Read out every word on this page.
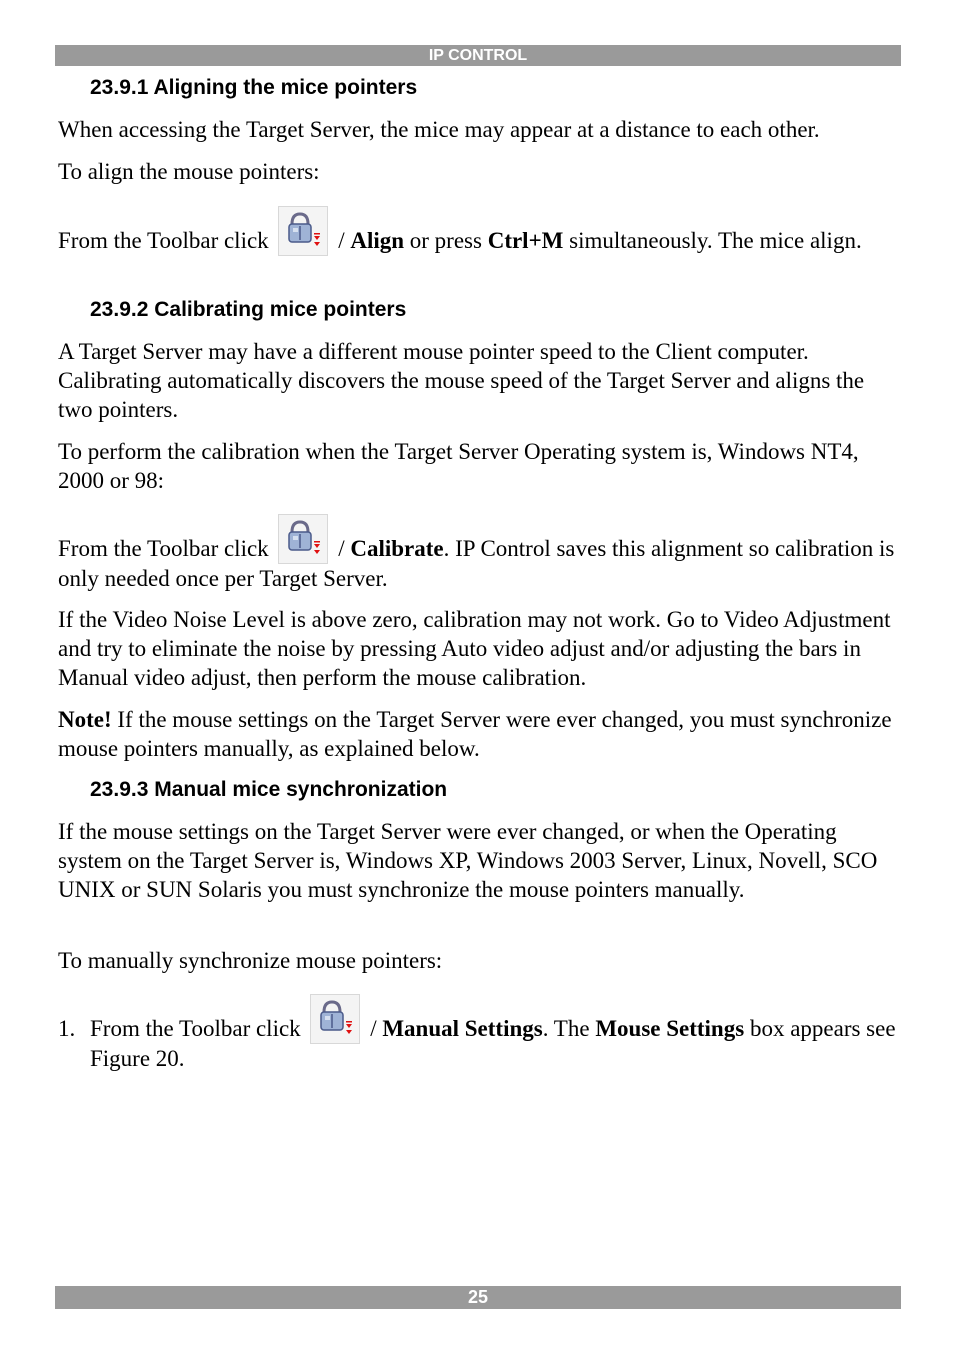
IP CONTROL
23.9.1 Aligning the mice pointers
When accessing the Target Server, the mice may appear at a distance to each other.
To align the mouse pointers:
From the Toolbar click	/ Align or press Ctrl+M simultaneously. The mice align.
23.9.2 Calibrating mice pointers
A Target Server may have a different mouse pointer speed to the Client computer. Calibrating automatically discovers the mouse speed of the Target Server and aligns the two pointers.
To perform the calibration when the Target Server Operating system is, Windows NT4, 2000 or 98:
From the Toolbar click	/ Calibrate. IP Control saves this alignment so calibration is only needed once per Target Server.
If the Video Noise Level is above zero, calibration may not work. Go to Video Adjustment and try to eliminate the noise by pressing Auto video adjust and/or adjusting the bars in Manual video adjust, then perform the mouse calibration.
Note! If the mouse settings on the Target Server were ever changed, you must synchronize mouse pointers manually, as explained below.
23.9.3 Manual mice synchronization
If the mouse settings on the Target Server were ever changed, or when the Operating system on the Target Server is, Windows XP, Windows 2003 Server, Linux, Novell, SCO UNIX or SUN Solaris you must synchronize the mouse pointers manually.
To manually synchronize mouse pointers:
1. From the Toolbar click	/ Manual Settings. The Mouse Settings box appears see Figure 20.
25
